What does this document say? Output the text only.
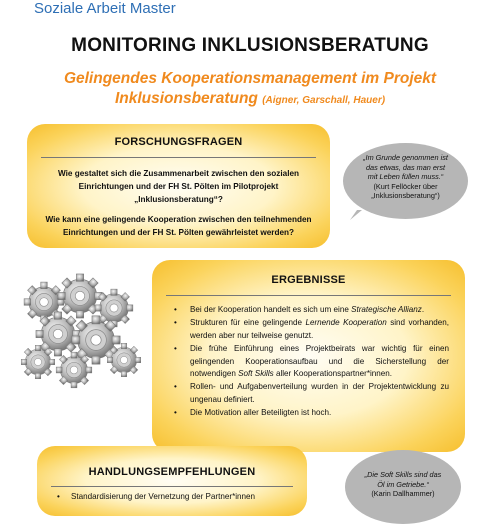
Soziale Arbeit Master
MONITORING INKLUSIONSBERATUNG
Gelingendes Kooperationsmanagement im Projekt
Inklusionsberatung (Aigner, Garschall, Hauer)
FORSCHUNGSFRAGEN
Wie gestaltet sich die Zusammenarbeit zwischen den sozialen
Einrichtungen und der FH St. Pölten im Pilotprojekt
„Inklusionsberatung“?
Wie kann eine gelingende Kooperation zwischen den teilnehmenden
Einrichtungen und der FH St. Pölten gewährleistet werden?
„Im Grunde genommen ist
das etwas, das man erst
mit Leben füllen muss.“
(Kurt Fellöcker über
„Inklusionsberatung“)
ERGEBNISSE
• Bei der Kooperation handelt es sich um eine Strategische Allianz.
• Strukturen für eine gelingende Lernende Kooperation sind vorhanden, werden aber nur teilweise genutzt.
• Die frühe Einführung eines Projektbeirats war wichtig für einen gelingenden Kooperationsaufbau und die Sicherstellung der notwendigen Soft Skills aller Kooperationspartner*innen.
• Rollen- und Aufgabenverteilung wurden in der Projektentwicklung zu ungenau definiert.
• Die Motivation aller Beteiligten ist hoch.
HANDLUNGSEMPFEHLUNGEN
• Standardisierung der Vernetzung der Partner*innen
„Die Soft Skills sind das
Öl im Getriebe.“
(Karin Dallhammer)
